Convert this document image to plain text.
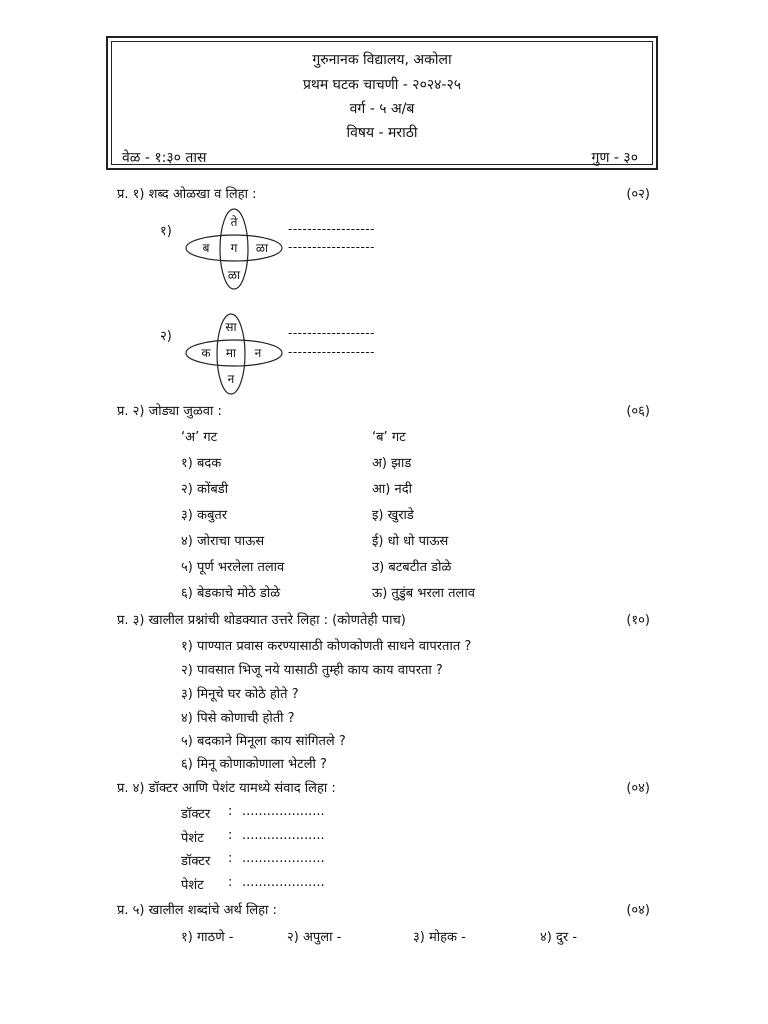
गुरुनानक विद्यालय, अकोला
प्रथम घटक चाचणी - २०२४-२५
वर्ग - ५ अ/ब
विषय - मराठी
वेळ - १:३० तास	गुण - ३०
प्र. १) शब्द ओळखा व लिहा :	(०२)
१)
ते
ब	ग	ळा
ळा
------------------
------------------
२)
सा
क	मा	न
न
------------------
------------------
प्र. २) जोड्या जुळवा :	(०६)
‘अ’ गट	‘ब’ गट
१) बदक	अ) झाड
२) कोंबडी	आ) नदी
३) कबुतर	इ) खुराडे
४) जोराचा पाऊस	ई) धो धो पाऊस
५) पूर्ण भरलेला तलाव	उ) बटबटीत डोळे
६) बेडकाचे मोठे डोळे	ऊ) तुडुंब भरला तलाव
प्र. ३) खालील प्रश्नांची थोडक्यात उत्तरे लिहा : (कोणतेही पाच)	(१०)
१) पाण्यात प्रवास करण्यासाठी कोणकोणती साधने वापरतात ?
२) पावसात भिजू नये यासाठी तुम्ही काय काय वापरता ?
३) मिनूचे घर कोठे होते ?
४) पिसे कोणाची होती ?
५) बदकाने मिनूला काय सांगितले ?
६) मिनू कोणाकोणाला भेटली ?
प्र. ४) डॉक्टर आणि पेशंट यामध्ये संवाद लिहा :	(०४)
डॉक्टर : ....................
पेशंट : ....................
डॉक्टर : ....................
पेशंट : ....................
प्र. ५) खालील शब्दांचे अर्थ लिहा :	(०४)
१) गाठणे -	२) अपुला -	३) मोहक -	४) दुर -
